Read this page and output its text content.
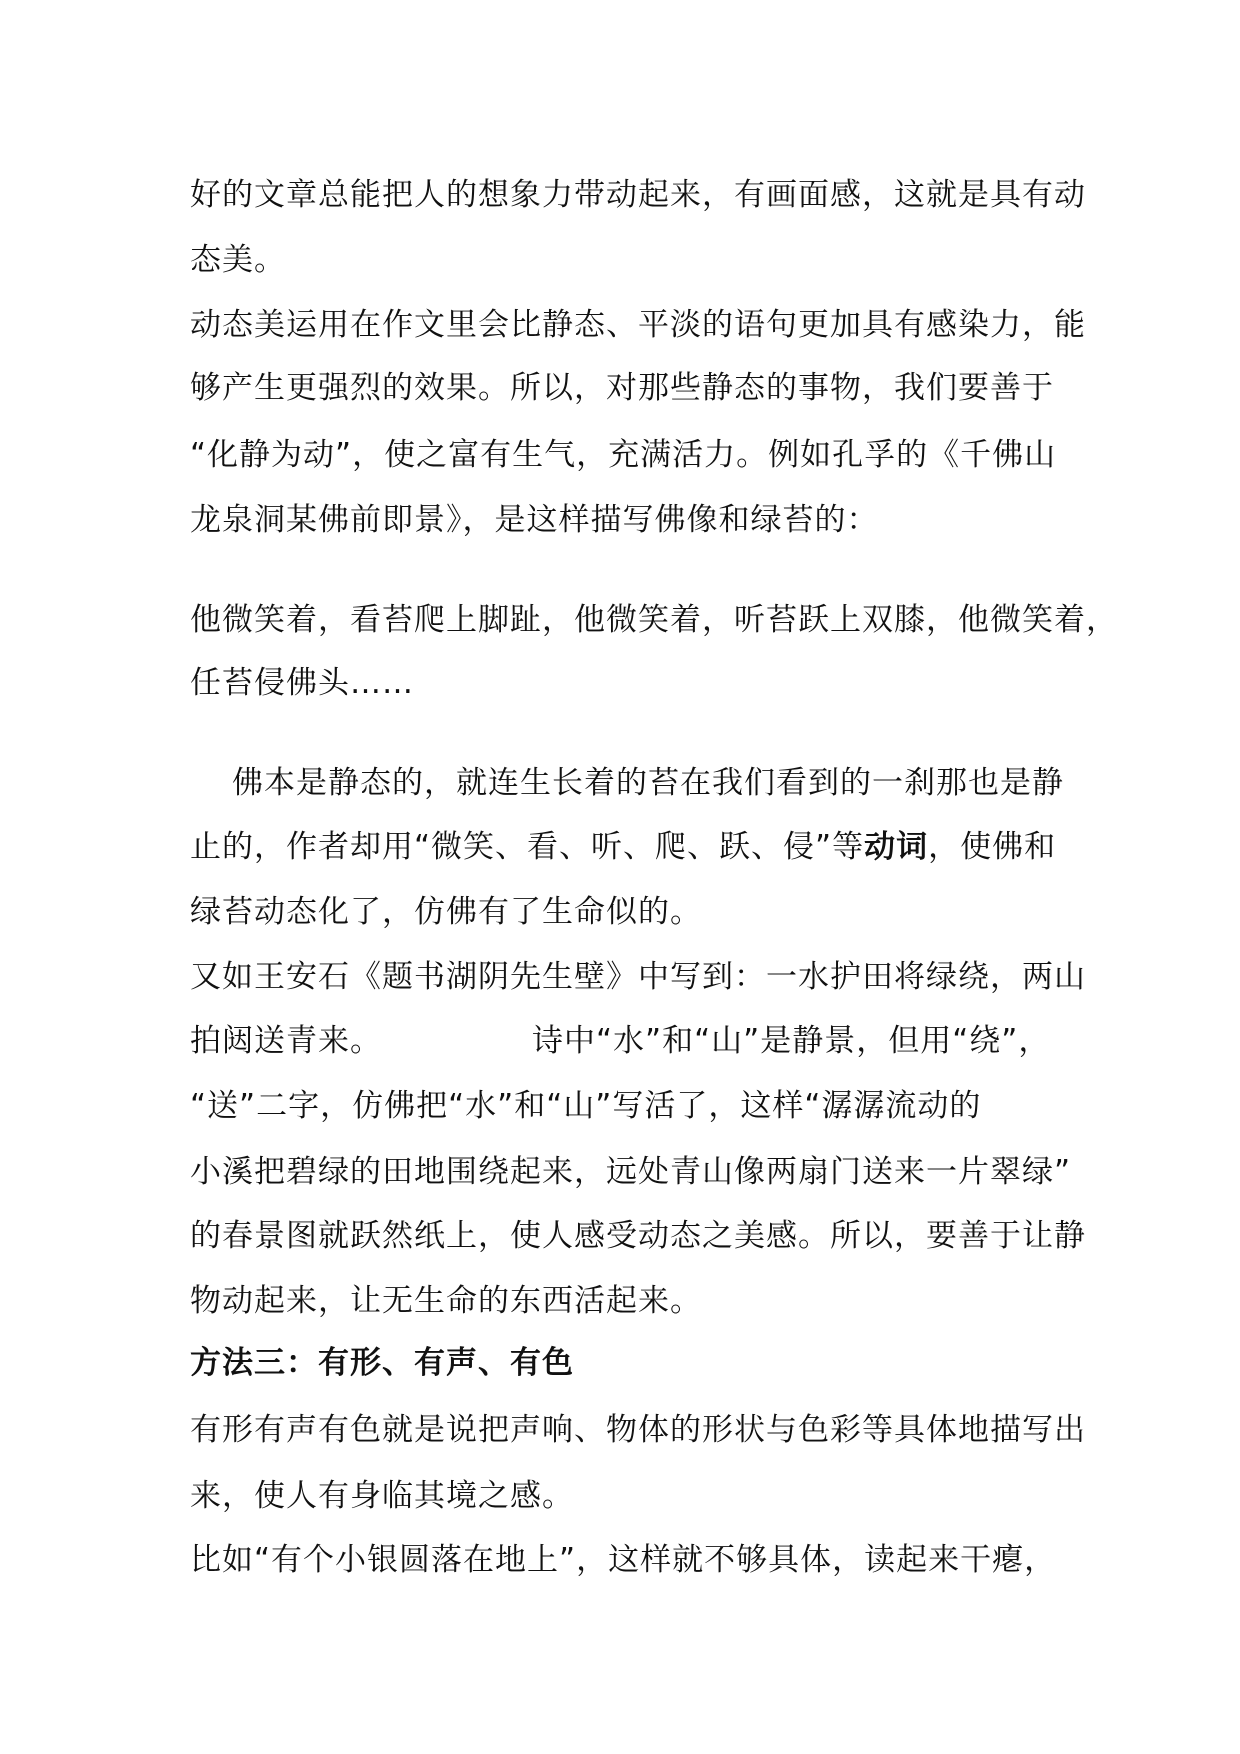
好的文章总能把人的想象力带动起来，有画面感，这就是具有动
态美。
动态美运用在作文里会比静态、平淡的语句更加具有感染力，能
够产生更强烈的效果。所以，对那些静态的事物，我们要善于
“化静为动”，使之富有生气，充满活力。例如孔孚的《千佛山
龙泉洞某佛前即景》，是这样描写佛像和绿苔的：
他微笑着，看苔爬上脚趾，他微笑着，听苔跃上双膝，他微笑着，
任苔侵佛头……
佛本是静态的，就连生长着的苔在我们看到的一刹那也是静
止的，作者却用“微笑、看、听、爬、跃、侵”等动词，使佛和
绿苔动态化了，仿佛有了生命似的。
又如王安石《题书湖阴先生壁》中写到：一水护田将绿绕，两山
拍闼送青来。	诗中“水”和“山”是静景，但用“绕”，
“送”二字，仿佛把“水”和“山”写活了，这样“潺潺流动的
小溪把碧绿的田地围绕起来，远处青山像两扇门送来一片翠绿”
的春景图就跃然纸上，使人感受动态之美感。所以，要善于让静
物动起来，让无生命的东西活起来。
方法三：有形、有声、有色
有形有声有色就是说把声响、物体的形状与色彩等具体地描写出
来，使人有身临其境之感。
比如“有个小银圆落在地上”，这样就不够具体，读起来干瘪，
